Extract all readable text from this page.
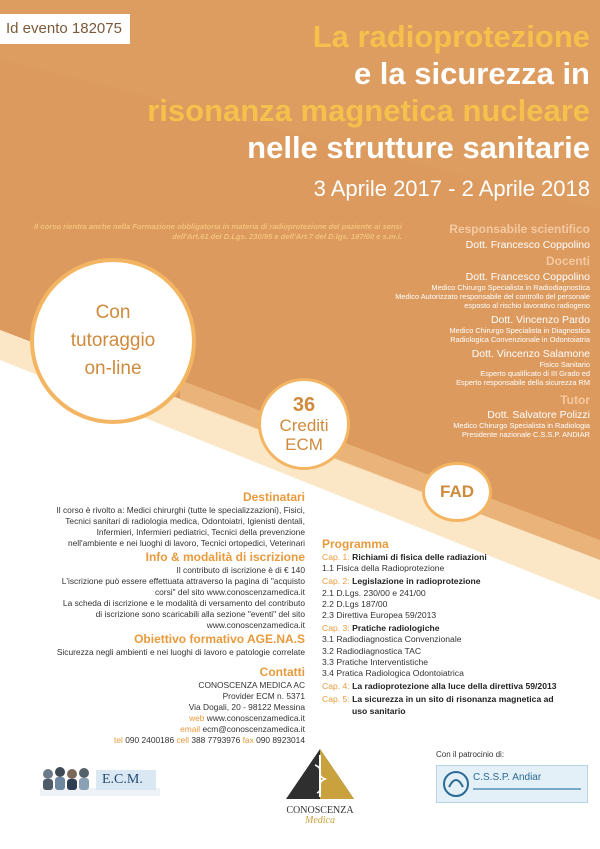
Id evento 182075	La radioprotezione
e la sicurezza in
risonanza magnetica nucleare
nelle strutture sanitarie
3 Aprile 2017 - 2 Aprile 2018
Il corso rientra anche nella Formazione obbligatoria in materia di radioprotezione del paziente ai sensi dell'Art.61 del D.Lgs. 230/95 e dell'Art.7 del D.lgs. 187/00 e s.m.i.
Responsabile scientifico
Dott. Francesco Coppolino
Docenti
Dott. Francesco Coppolino
Medico Chirurgo Specialista in Radiodiagnostica
Medico Autorizzato responsabile del controllo del personale
esposto al rischio lavorativo radiogeno
Dott. Vincenzo Pardo
Medico Chirurgo Specialista in Diagnostica
Radiologica Convenzionale in Odontoiatria
Dott. Vincenzo Salamone
Fisico Sanitario
Esperto qualificato di III Grado ed
Esperto responsabile della sicurezza RM
Tutor
Dott. Salvatore Polizzi
Medico Chirurgo Specialista in Radiologia
Presidente nazionale C.S.S.P. ANDIAR
Con
tutoraggio
on-line
36
Crediti
ECM
FAD
Destinatari
Il corso è rivolto a: Medici chirurghi (tutte le specializzazioni), Fisici,
Tecnici sanitari di radiologia medica, Odontoiatri, Igienisti dentali,
Infermieri, Infermieri pediatrici, Tecnici della prevenzione
nell'ambiente e nei luoghi di lavoro, Tecnici ortopedici, Veterinari
Info & modalità di iscrizione
Il contributo di iscrizione è di € 140
L'iscrizione può essere effettuata attraverso la pagina di "acquisto
corsi" del sito www.conoscenzamedica.it
La scheda di iscrizione e le modalità di versamento del contributo
di iscrizione sono scaricabili alla sezione "eventi" del sito
www.conoscenzamedica.it
Obiettivo formativo AGE.NA.S
Sicurezza negli ambienti e nei luoghi di lavoro e patologie correlate
Contatti
CONOSCENZA MEDICA AC
Provider ECM n. 5371
Via Dogali, 20 - 98122 Messina
web www.conoscenzamedica.it
email ecm@conoscenzamedica.it
tel 090 2400186 cell 388 7793976 fax 090 8923014
Programma
Cap. 1: Richiami di fisica delle radiazioni
1.1 Fisica della Radioprotezione
Cap. 2: Legislazione in radioprotezione
2.1 D.Lgs. 230/00 e 241/00
2.2 D.Lgs 187/00
2.3 Direttiva Europea 59/2013
Cap. 3: Pratiche radiologiche
3.1 Radiodiagnostica Convenzionale
3.2 Radiodiagnostica TAC
3.3 Pratiche Interventistiche
3.4 Pratica Radiologica Odontoiatrica
Cap. 4: La radioprotezione alla luce della direttiva 59/2013
Cap. 5: La sicurezza in un sito di risonanza magnetica ad
uso sanitario
E.C.M.
CONOSCENZA
Medica
Con il patrocinio di:
C.S.S.P. Andiar
